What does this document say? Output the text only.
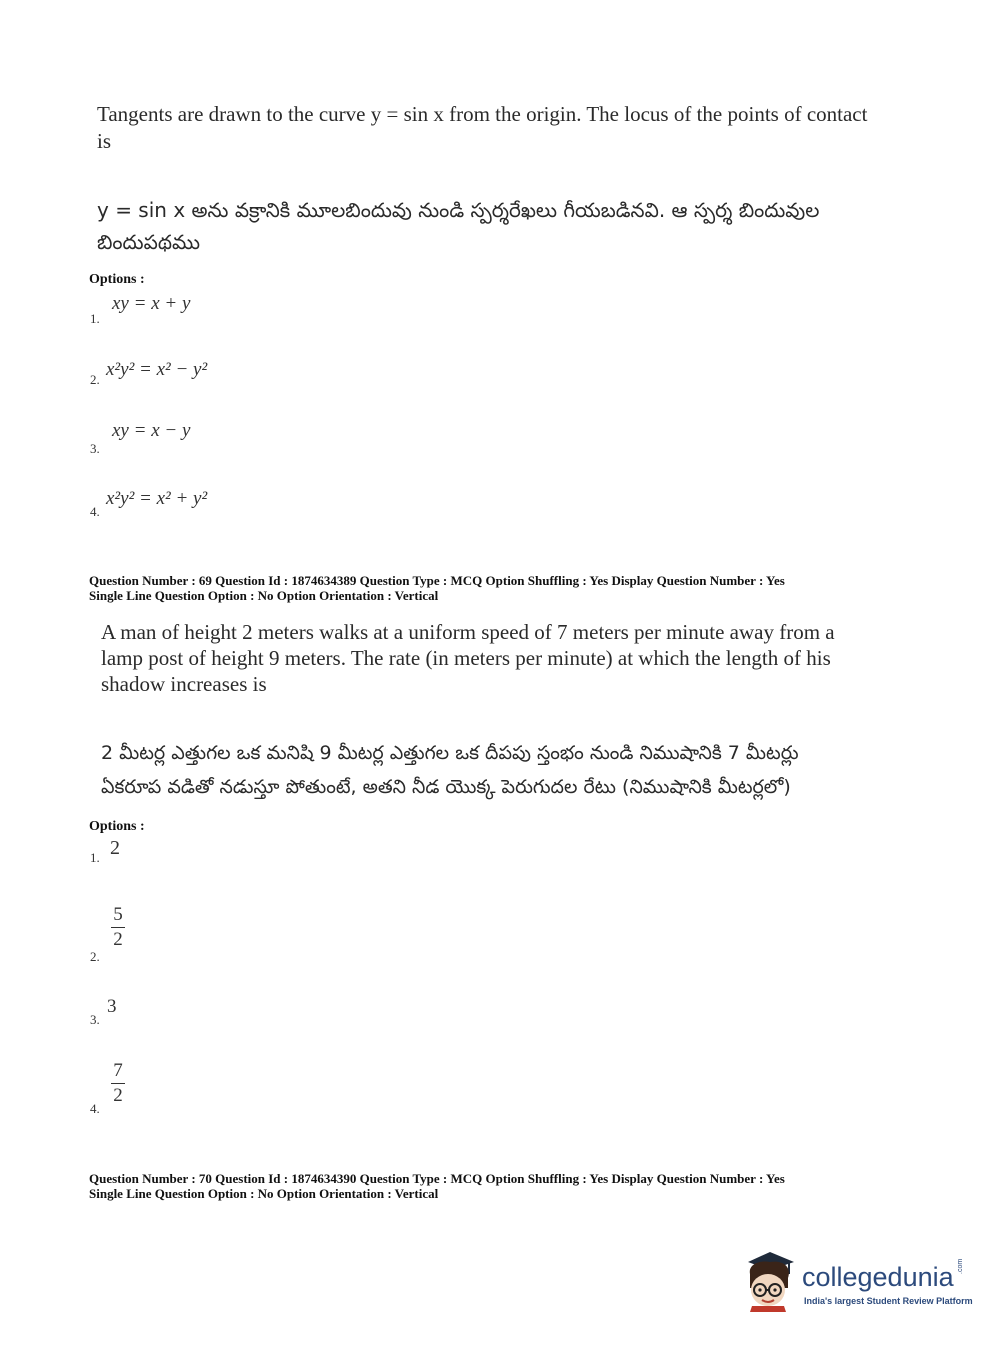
Tangents are drawn to the curve y = sin x from the origin. The locus of the points of contact is
y = sin x అను వక్రానికి మూలబిందువు నుండి స్పర్శరేఖలు గీయబడినవి. ఆ స్పర్శ బిందువుల బిందుపథము
Options :
1.
xy = x + y
2. x²y² = x² − y²
3.
xy = x − y
4.
x²y² = x² + y²
Question Number : 69 Question Id : 1874634389 Question Type : MCQ Option Shuffling : Yes Display Question Number : Yes
Single Line Question Option : No Option Orientation : Vertical
A man of height 2 meters walks at a uniform speed of 7 meters per minute away from a
lamp post of height 9 meters. The rate (in meters per minute) at which the length of his
shadow increases is
2 మీటర్ల ఎత్తుగల ఒక మనిషి 9 మీటర్ల ఎత్తుగల ఒక దీపపు స్తంభం నుండి నిముషానికి 7 మీటర్లు
ఏకరూప వడితో నడుస్తూ పోతుంటే, అతని నీడ యొక్క పెరుగుదల రేటు (నిముషానికి మీటర్లలో)
Options :
1. 2
2.
5
2
3.
3
4.
7
2
Question Number : 70 Question Id : 1874634390 Question Type : MCQ Option Shuffling : Yes Display Question Number : Yes
Single Line Question Option : No Option Orientation : Vertical
collegedunia .com
India's largest Student Review Platform
